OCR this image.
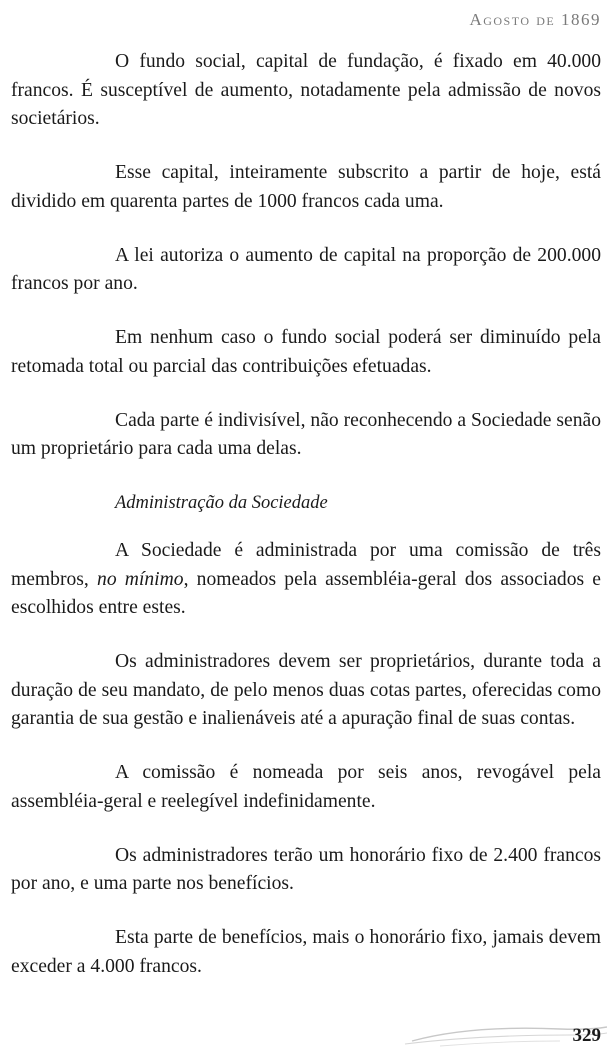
Agosto de 1869

O fundo social, capital de fundação, é fixado em 40.000 francos. É susceptível de aumento, notadamente pela admissão de novos societários.

Esse capital, inteiramente subscrito a partir de hoje, está dividido em quarenta partes de 1000 francos cada uma.

A lei autoriza o aumento de capital na proporção de 200.000 francos por ano.

Em nenhum caso o fundo social poderá ser diminuído pela retomada total ou parcial das contribuições efetuadas.

Cada parte é indivisível, não reconhecendo a Sociedade senão um proprietário para cada uma delas.

Administração da Sociedade

A Sociedade é administrada por uma comissão de três membros, no mínimo, nomeados pela assembléia-geral dos associados e escolhidos entre estes.

Os administradores devem ser proprietários, durante toda a duração de seu mandato, de pelo menos duas cotas partes, oferecidas como garantia de sua gestão e inalienáveis até a apuração final de suas contas.

A comissão é nomeada por seis anos, revogável pela assembléia-geral e reelegível indefinidamente.

Os administradores terão um honorário fixo de 2.400 francos por ano, e uma parte nos benefícios.

Esta parte de benefícios, mais o honorário fixo, jamais devem exceder a 4.000 francos.

329
